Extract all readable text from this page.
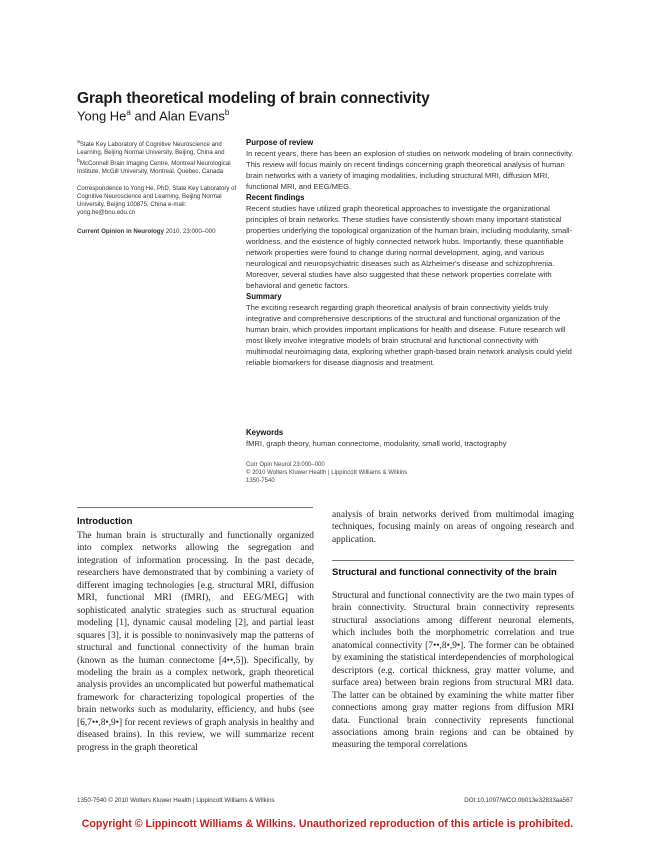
Graph theoretical modeling of brain connectivity
Yong He$^a$ and Alan Evans$^b$

$^a$State Key Laboratory of Cognitive Neuroscience and Learning, Beijing Normal University, Beijing, China and $^b$McConnell Brain Imaging Centre, Montreal Neurological Institute, McGill University, Montreal, Quebec, Canada

Correspondence to Yong He, PhD, State Key Laboratory of Cognitive Neuroscience and Learning, Beijing Normal University, Beijing 100875, China e-mail: yong.he@bnu.edu.cn
Current Opinion in Neurology 2010, 23:000–000
Purpose of review

In recent years, there has been an explosion of studies on network modeling of brain connectivity. This review will focus mainly on recent findings concerning graph theoretical analysis of human brain networks with a variety of imaging modalities, including structural MRI, diffusion MRI, functional MRI, and EEG/MEG.

Recent findings

Recent studies have utilized graph theoretical approaches to investigate the organizational principles of brain networks. These studies have consistently shown many important statistical properties underlying the topological organization of the human brain, including modularity, small-worldness, and the existence of highly connected network hubs. Importantly, these quantifiable network properties were found to change during normal development, aging, and various neurological and neuropsychiatric diseases such as Alzheimer's disease and schizophrenia. Moreover, several studies have also suggested that these network properties correlate with behavioral and genetic factors.

Summary

The exciting research regarding graph theoretical analysis of brain connectivity yields truly integrative and comprehensive descriptions of the structural and functional organization of the human brain, which provides important implications for health and disease. Future research will most likely involve integrative models of brain structural and functional connectivity with multimodal neuroimaging data, exploring whether graph-based brain network analysis could yield reliable biomarkers for disease diagnosis and treatment.

Keywords

fMRI, graph theory, human connectome, modularity, small world, tractography

Curr Opin Neurol 23:000–000
© 2010 Wolters Kluwer Health | Lippincott Williams & Wilkins
1350-7540
Introduction
The human brain is structurally and functionally organized into complex networks allowing the segregation and integration of information processing. In the past decade, researchers have demonstrated that by combining a variety of different imaging technologies [e.g. structural MRI, diffusion MRI, functional MRI (fMRI), and EEG/MEG] with sophisticated analytic strategies such as structural equation modeling [1], dynamic causal modeling [2], and partial least squares [3], it is possible to noninvasively map the patterns of structural and functional connectivity of the human brain (known as the human connectome [4••,5]). Specifically, by modeling the brain as a complex network, graph theoretical analysis provides an uncomplicated but powerful mathematical framework for characterizing topological properties of the brain networks such as modularity, efficiency, and hubs (see [6,7••,8•,9•] for recent reviews of graph analysis in healthy and diseased brains). In this review, we will summarize recent progress in the graph theoretical
analysis of brain networks derived from multimodal imaging techniques, focusing mainly on areas of ongoing research and application.
Structural and functional connectivity of the brain
Structural and functional connectivity are the two main types of brain connectivity. Structural brain connectivity represents structural associations among different neuronal elements, which includes both the morphometric correlation and true anatomical connectivity [7••,8•,9•]. The former can be obtained by examining the statistical interdependencies of morphological descriptors (e.g. cortical thickness, gray matter volume, and surface area) between brain regions from structural MRI data. The latter can be obtained by examining the white matter fiber connections among gray matter regions from diffusion MRI data. Functional brain connectivity represents functional associations among brain regions and can be obtained by measuring the temporal correlations
1350-7540 © 2010 Wolters Kluwer Health | Lippincott Williams & Wilkins	DOI:10.1097/WCO.0b013e32833aa567
Copyright © Lippincott Williams & Wilkins. Unauthorized reproduction of this article is prohibited.
